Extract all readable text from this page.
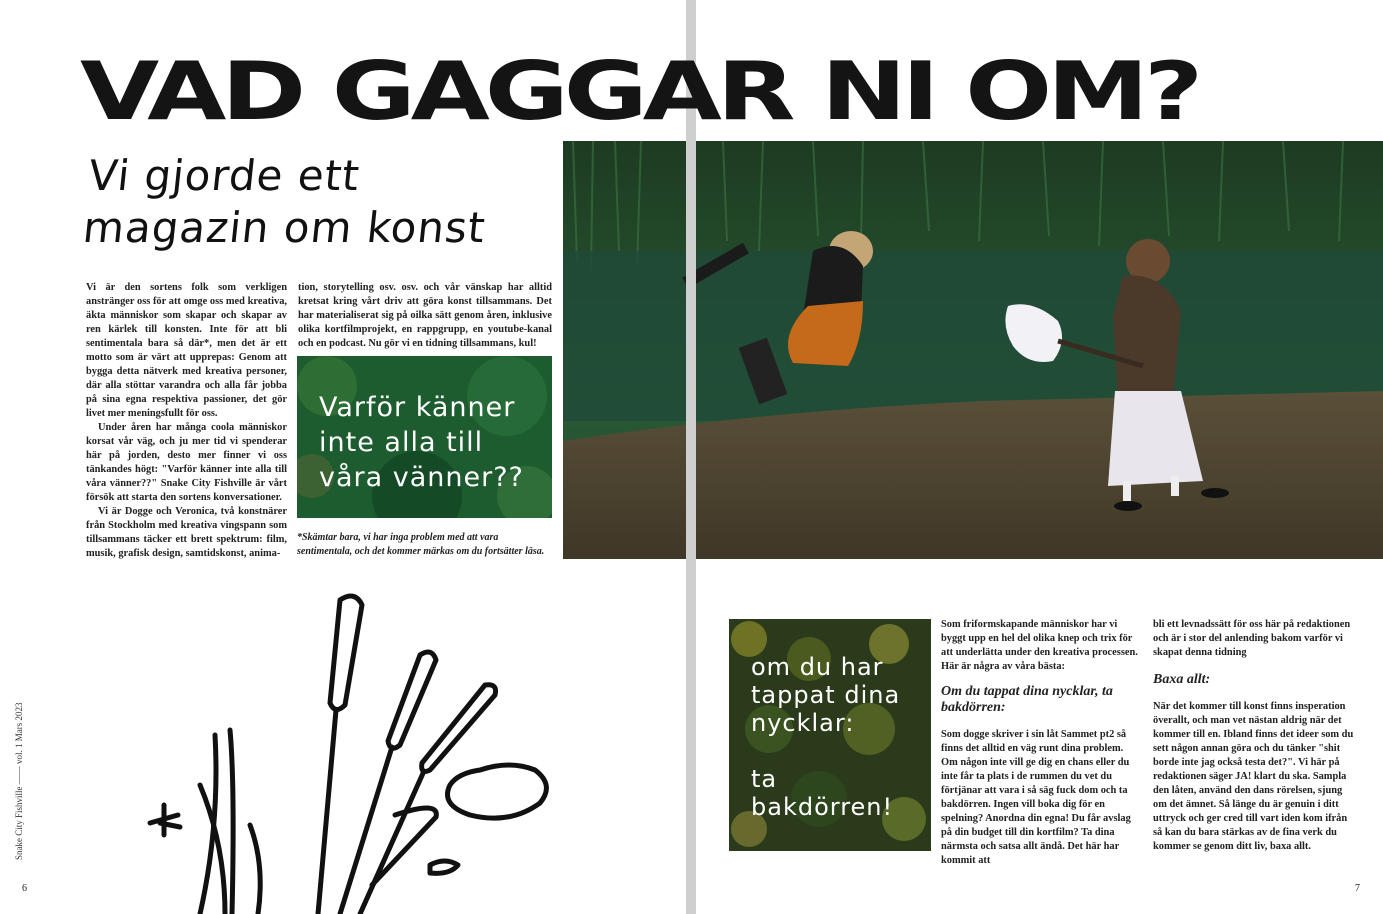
VAD GAGGAR NI OM?
Vi gjorde ett
magazin om konst

Vi är den sortens folk som verkligen anstränger oss för att omge oss med kreativa, äkta människor som skapar och skapar av ren kärlek till konsten. Inte för att bli sentimentala bara så där*, men det är ett motto som är värt att upprepas: Genom att bygga detta nätverk med kreativa personer, där alla stöttar varandra och alla får jobba på sina egna respektiva passioner, det gör livet mer meningsfullt för oss.

Under åren har många coola människor korsat vår väg, och ju mer tid vi spenderar här på jorden, desto mer finner vi oss tänkandes högt: "Varför känner inte alla till våra vänner??" Snake City Fishville är vårt försök att starta den sortens konversationer.

Vi är Dogge och Veronica, två konstnärer från Stockholm med kreativa vingspann som tillsammans täcker ett brett spektrum: film, musik, grafisk design, samtidskonst, anima-

tion, storytelling osv. osv. och vår vänskap har alltid kretsat kring vårt driv att göra konst tillsammans. Det har materialiserat sig på oilka sätt genom åren, inklusive olika kortfilmprojekt, en rappgrupp, en youtube-kanal och en podcast. Nu gör vi en tidning tillsammans, kul!

Varför känner
inte alla till
våra vänner??
*Skämtar bara, vi har inga problem med att vara sentimentala, och det kommer märkas om du fortsätter läsa.
Snake City Fishville —— vol. 1 Mars 2023
6
om du har
tappat dina
nycklar:
ta
bakdörren!

Som friformskapande människor har vi byggt upp en hel del olika knep och trix för att underlätta under den kreativa processen. Här är några av våra bästa:

Om du tappat dina nycklar, ta bakdörren:

Som dogge skriver i sin låt Sammet pt2 så finns det alltid en väg runt dina problem. Om någon inte vill ge dig en chans eller du inte får ta plats i de rummen du vet du förtjänar att vara i så säg fuck dom och ta bakdörren. Ingen vill boka dig för en spelning? Anordna din egna! Du får avslag på din budget till din kortfilm? Ta dina närmsta och satsa allt ändå. Det här har kommit att

bli ett levnadssätt för oss här på redaktionen och är i stor del anlending bakom varför vi skapat denna tidning

Baxa allt:

När det kommer till konst finns insperation överallt, och man vet nästan aldrig när det kommer till en. Ibland finns det ideer som du sett någon annan göra och du tänker "shit borde inte jag också testa det?". Vi här på redaktionen säger JA! klart du ska. Sampla den låten, använd den dans rörelsen, sjung om det ämnet. Så länge du är genuin i ditt uttryck och ger cred till vart iden kom ifrån så kan du bara stärkas av de fina verk du kommer se genom ditt liv, baxa allt.

7
